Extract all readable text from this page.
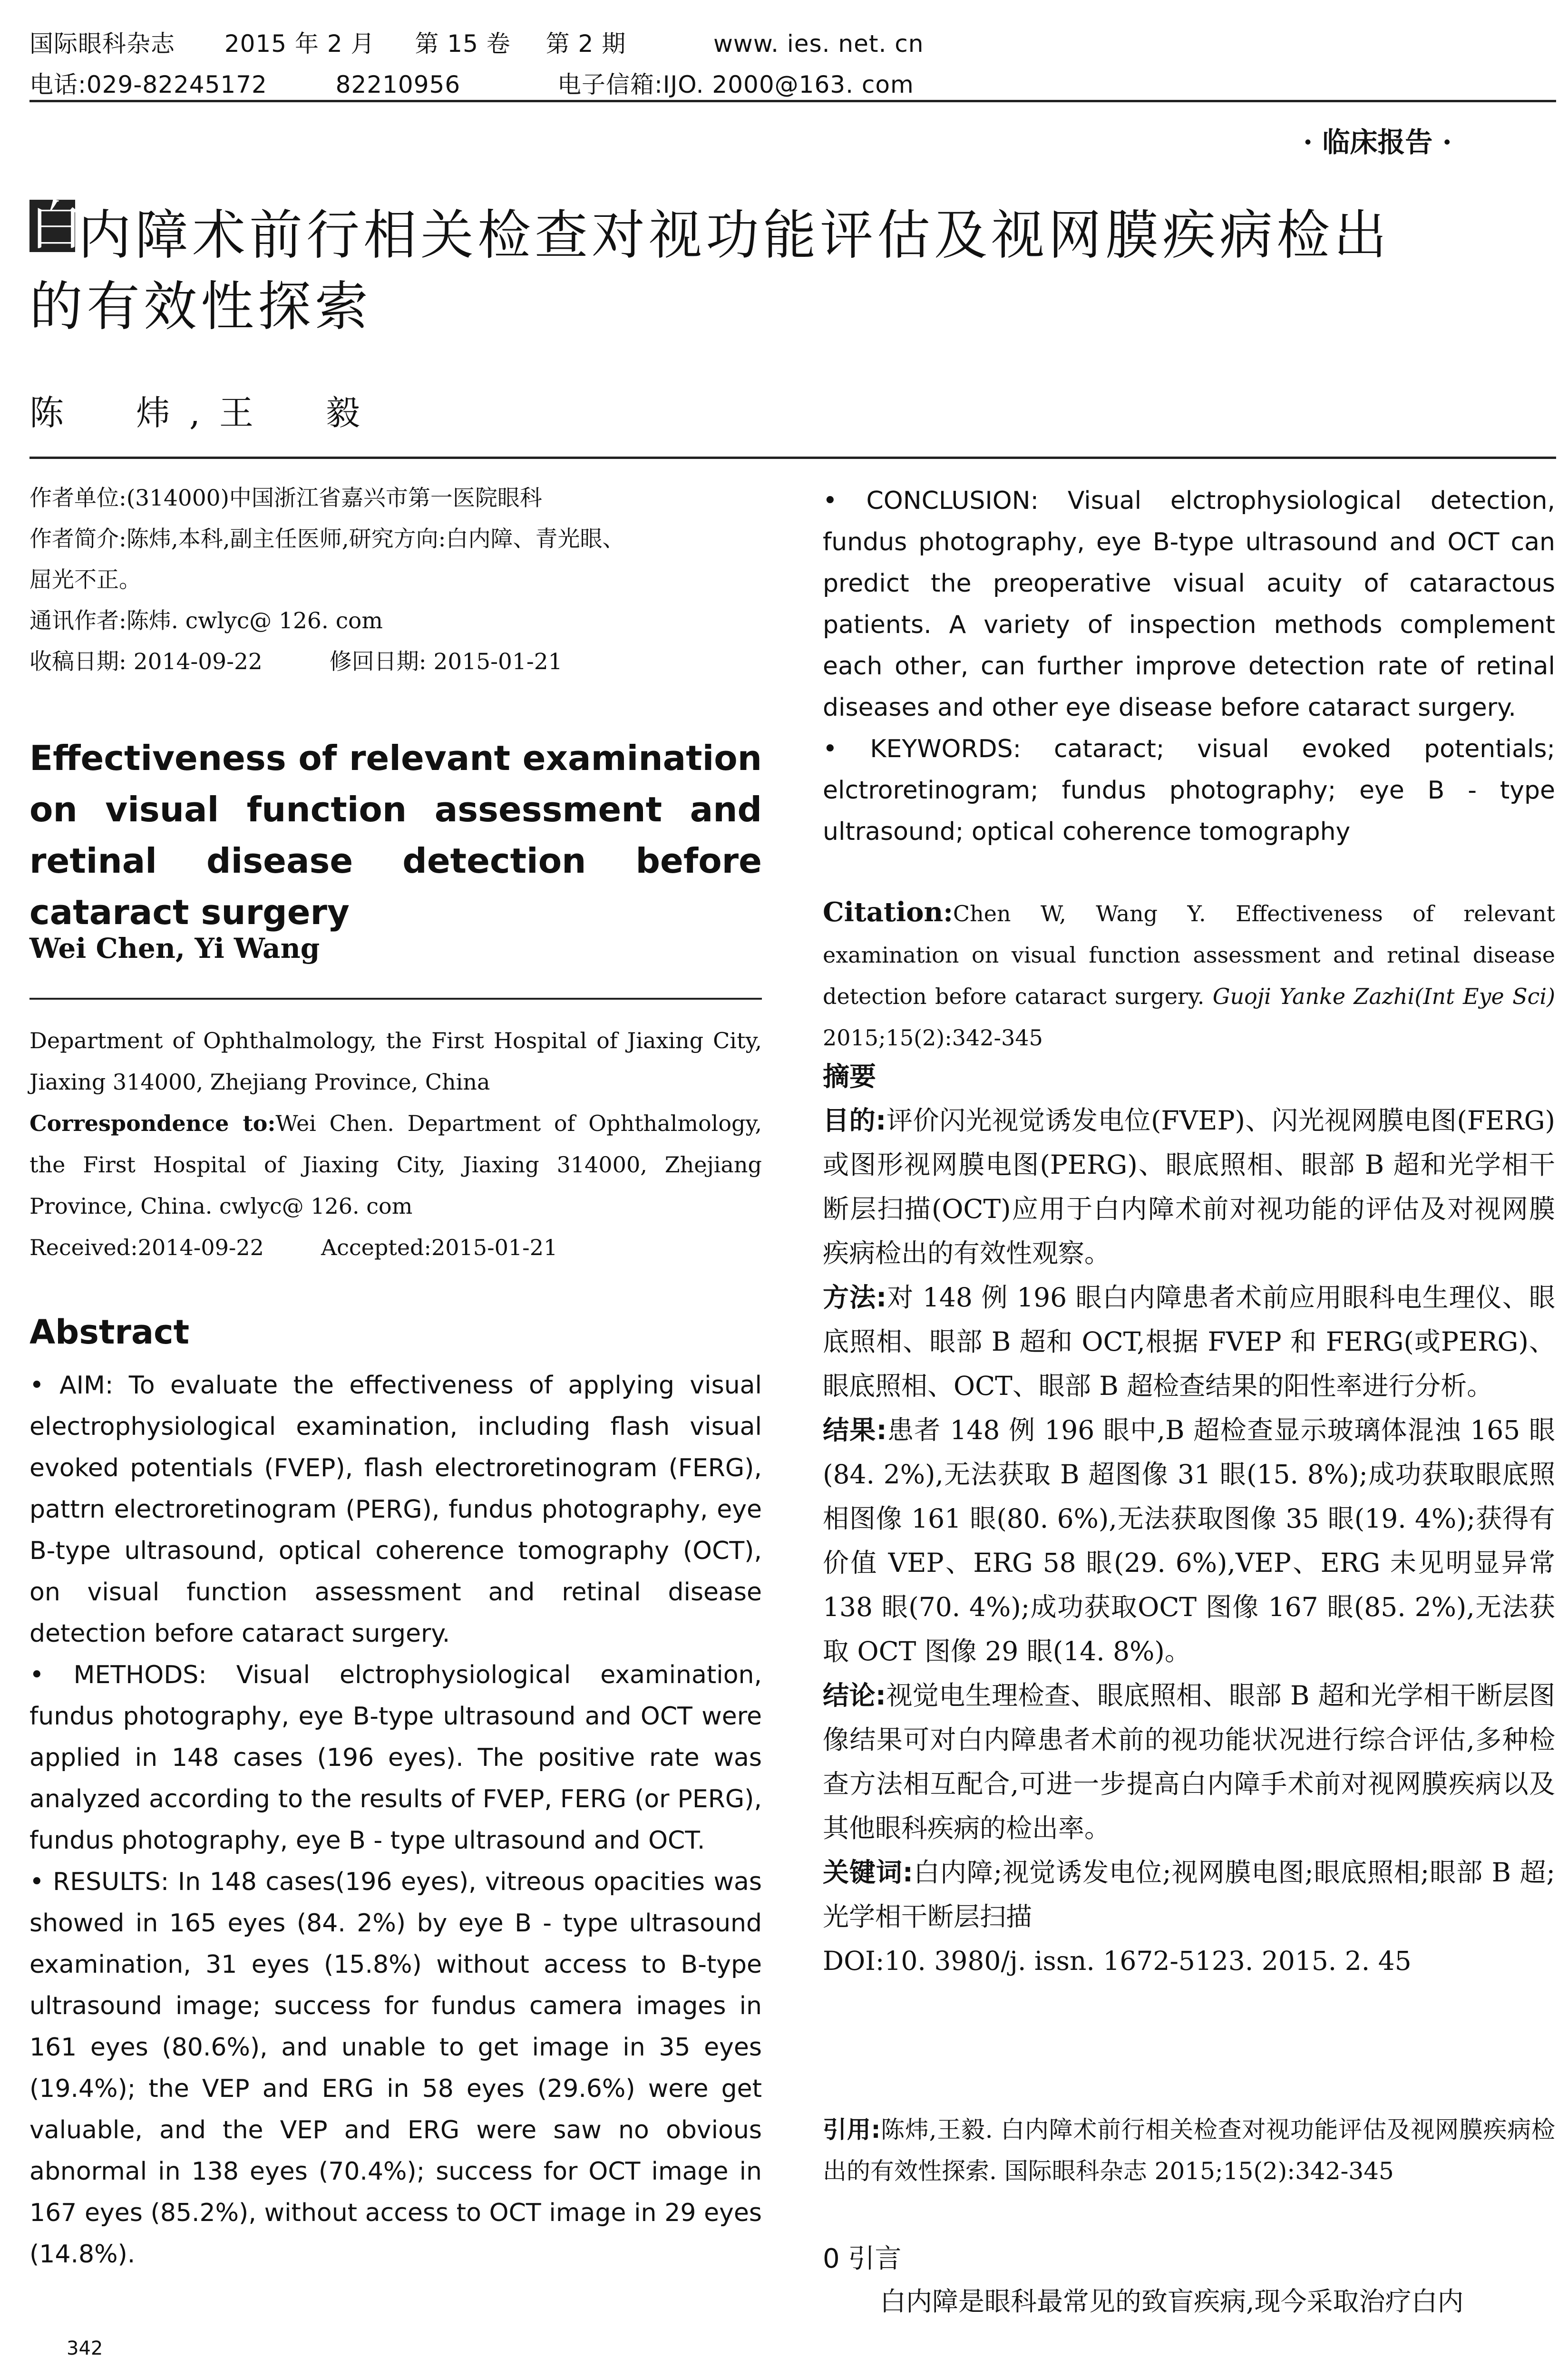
国际眼科杂志 2015 年 2 月 第 15 卷 第 2 期	www. ies. net. cn
电话:029-82245172	82210956	电子信箱:IJO. 2000@163. com
· 临床报告 ·
白内障术前行相关检查对视功能评估及视网膜疾病检出
的有效性探索
陈　炜,王　毅

作者单位:(314000)中国浙江省嘉兴市第一医院眼科

作者简介:陈炜,本科,副主任医师,研究方向:白内障、青光眼、

屈光不正。

通讯作者:陈炜. cwlyc@ 126. com

收稿日期: 2014-09-22　　　修回日期: 2015-01-21

Effectiveness of relevant examination on visual function assessment and retinal disease detection before cataract surgery
Wei Chen, Yi Wang

Department of Ophthalmology, the First Hospital of Jiaxing City, Jiaxing 314000, Zhejiang Province, China

Correspondence to:Wei Chen. Department of Ophthalmology, the First Hospital of Jiaxing City, Jiaxing 314000, Zhejiang Province, China. cwlyc@ 126. com

Received:2014-09-22	Accepted:2015-01-21

Abstract

• AIM: To evaluate the effectiveness of applying visual electrophysiological examination, including flash visual evoked potentials (FVEP), flash electroretinogram (FERG), pattrn electroretinogram (PERG), fundus photography, eye B-type ultrasound, optical coherence tomography (OCT), on visual function assessment and retinal disease detection before cataract surgery.

• METHODS: Visual elctrophysiological examination, fundus photography, eye B-type ultrasound and OCT were applied in 148 cases (196 eyes). The positive rate was analyzed according to the results of FVEP, FERG (or PERG), fundus photography, eye B - type ultrasound and OCT.

• RESULTS: In 148 cases(196 eyes), vitreous opacities was showed in 165 eyes (84. 2%) by eye B - type ultrasound examination, 31 eyes (15.8%) without access to B-type ultrasound image; success for fundus camera images in 161 eyes (80.6%), and unable to get image in 35 eyes (19.4%); the VEP and ERG in 58 eyes (29.6%) were get valuable, and the VEP and ERG were saw no obvious abnormal in 138 eyes (70.4%); success for OCT image in 167 eyes (85.2%), without access to OCT image in 29 eyes (14.8%).

342

• CONCLUSION: Visual elctrophysiological detection, fundus photography, eye B-type ultrasound and OCT can predict the preoperative visual acuity of cataractous patients. A variety of inspection methods complement each other, can further improve detection rate of retinal diseases and other eye disease before cataract surgery.

• KEYWORDS: cataract; visual evoked potentials; elctroretinogram; fundus photography; eye B - type ultrasound; optical coherence tomography

Citation:Chen W, Wang Y. Effectiveness of relevant examination on visual function assessment and retinal disease detection before cataract surgery. Guoji Yanke Zazhi(Int Eye Sci) 2015;15(2):342-345
摘要

目的:评价闪光视觉诱发电位(FVEP)、闪光视网膜电图(FERG)或图形视网膜电图(PERG)、眼底照相、眼部 B 超和光学相干断层扫描(OCT)应用于白内障术前对视功能的评估及对视网膜疾病检出的有效性观察。

方法:对 148 例 196 眼白内障患者术前应用眼科电生理仪、眼底照相、眼部 B 超和 OCT,根据 FVEP 和 FERG(或PERG)、眼底照相、OCT、眼部 B 超检查结果的阳性率进行分析。

结果:患者 148 例 196 眼中,B 超检查显示玻璃体混浊 165 眼(84. 2%),无法获取 B 超图像 31 眼(15. 8%);成功获取眼底照相图像 161 眼(80. 6%),无法获取图像 35 眼(19. 4%);获得有价值 VEP、ERG 58 眼(29. 6%),VEP、ERG 未见明显异常 138 眼(70. 4%);成功获取OCT 图像 167 眼(85. 2%),无法获取 OCT 图像 29 眼(14. 8%)。

结论:视觉电生理检查、眼底照相、眼部 B 超和光学相干断层图像结果可对白内障患者术前的视功能状况进行综合评估,多种检查方法相互配合,可进一步提高白内障手术前对视网膜疾病以及其他眼科疾病的检出率。

关键词:白内障;视觉诱发电位;视网膜电图;眼底照相;眼部 B 超;光学相干断层扫描

DOI:10. 3980/j. issn. 1672-5123. 2015. 2. 45

引用:陈炜,王毅. 白内障术前行相关检查对视功能评估及视网膜疾病检出的有效性探索. 国际眼科杂志 2015;15(2):342-345
0 引言
白内障是眼科最常见的致盲疾病,现今采取治疗白内
